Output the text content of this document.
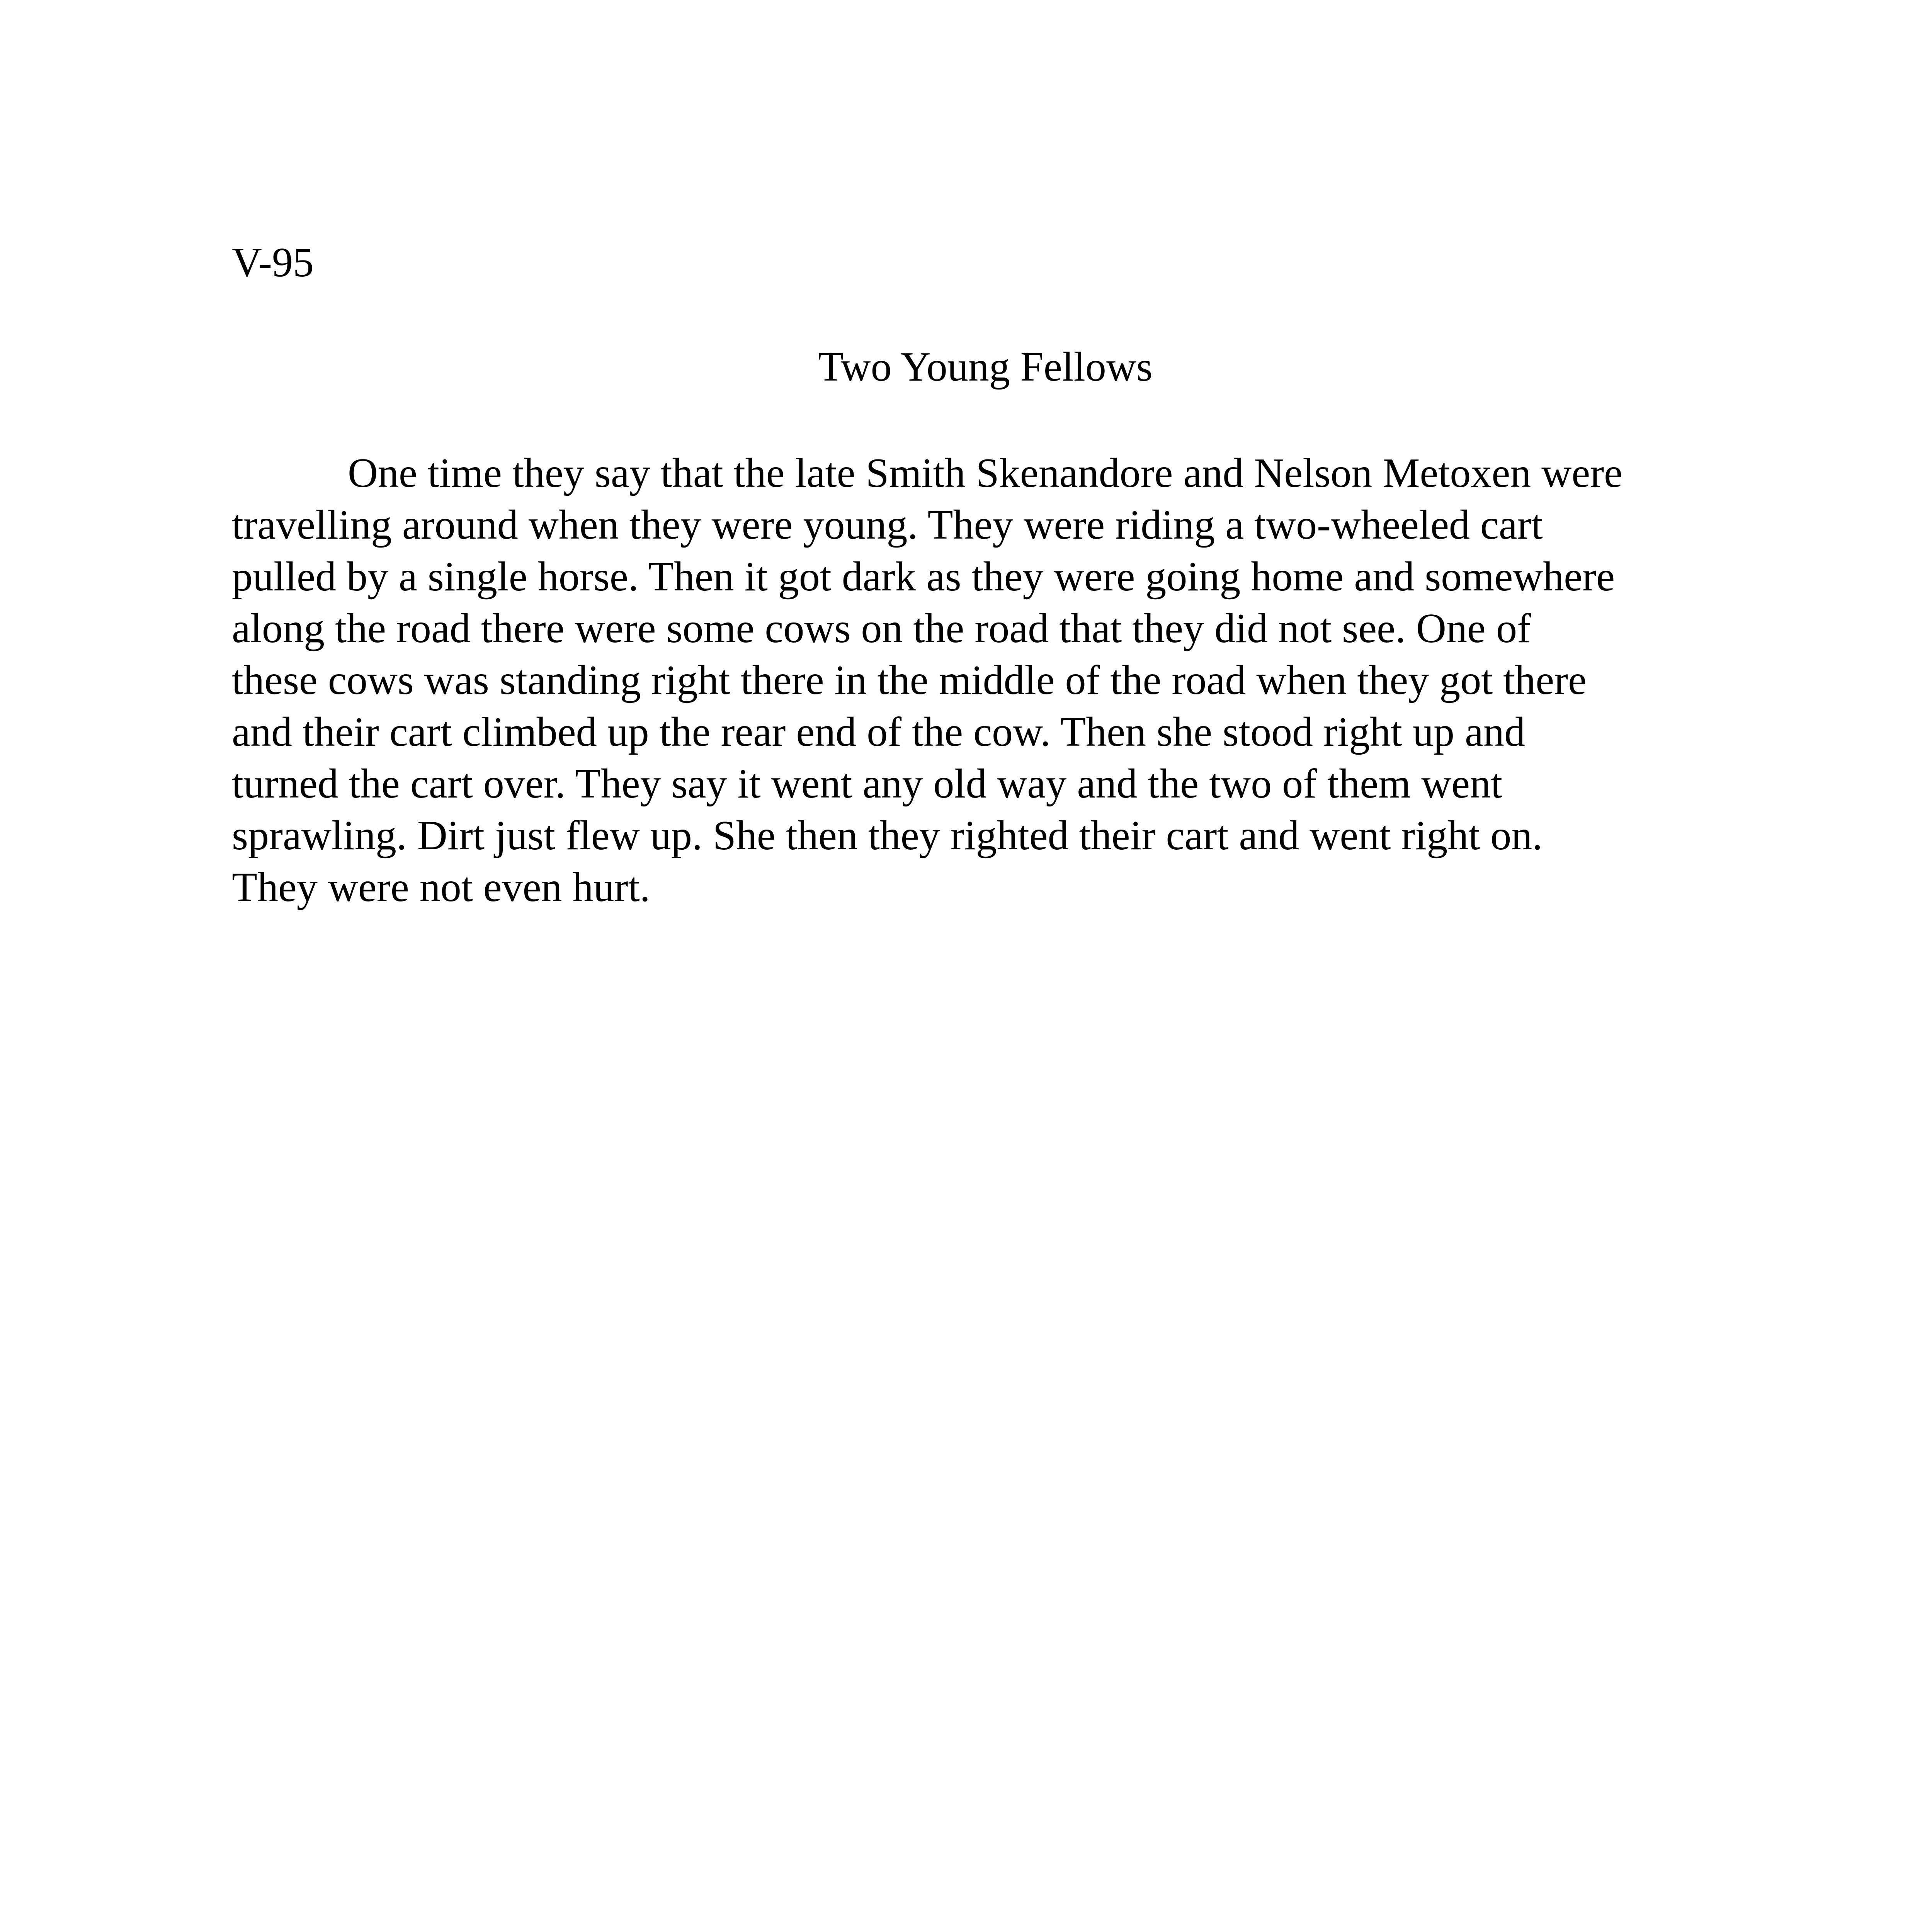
V-95
Two Young Fellows
One time they say that the late Smith Skenandore and Nelson Metoxen were
travelling around when they were young. They were riding a two-wheeled cart
pulled by a single horse. Then it got dark as they were going home and somewhere
along the road there were some cows on the road that they did not see. One of
these cows was standing right there in the middle of the road when they got there
and their cart climbed up the rear end of the cow. Then she stood right up and
turned the cart over. They say it went any old way and the two of them went
sprawling. Dirt just flew up. She then they righted their cart and went right on.
They were not even hurt.
